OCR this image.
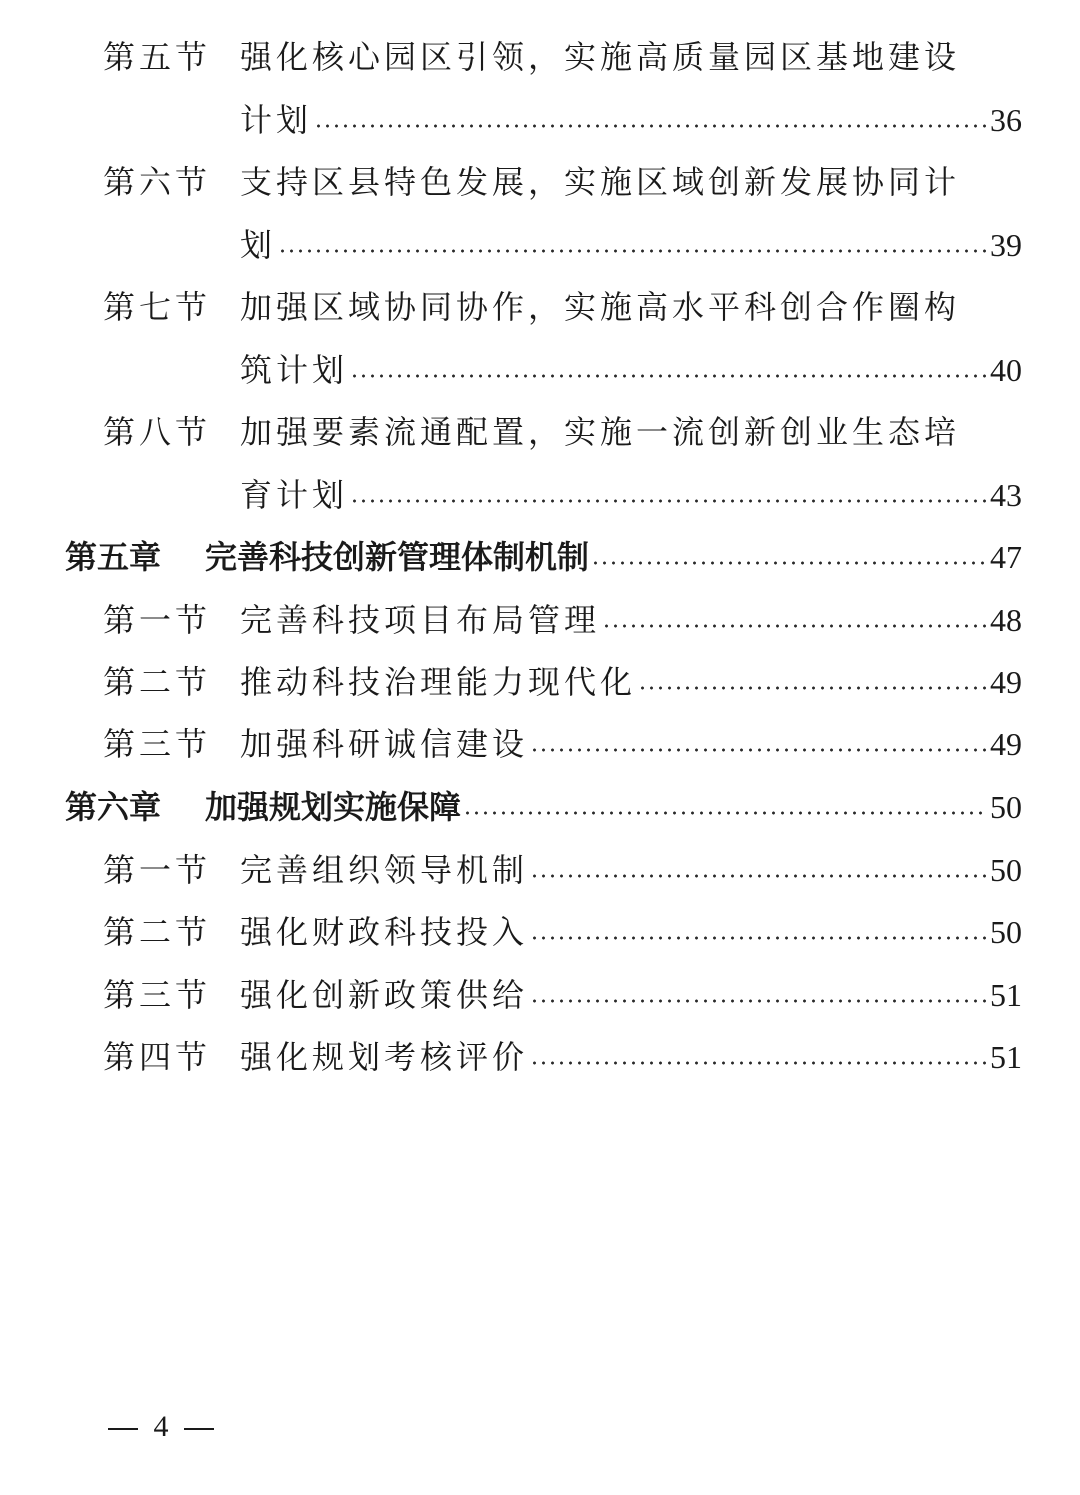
第五节 强化核心园区引领，实施高质量园区基地建设
计划	36
第六节 支持区县特色发展，实施区域创新发展协同计
划	39
第七节 加强区域协同协作，实施高水平科创合作圈构
筑计划	40
第八节 加强要素流通配置，实施一流创新创业生态培
育计划	43
第五章 完善科技创新管理体制机制	47
第一节 完善科技项目布局管理	48
第二节 推动科技治理能力现代化	49
第三节 加强科研诚信建设	49
第六章 加强规划实施保障	50
第一节 完善组织领导机制	50
第二节 强化财政科技投入	50
第三节 强化创新政策供给	51
第四节 强化规划考核评价	51
4
